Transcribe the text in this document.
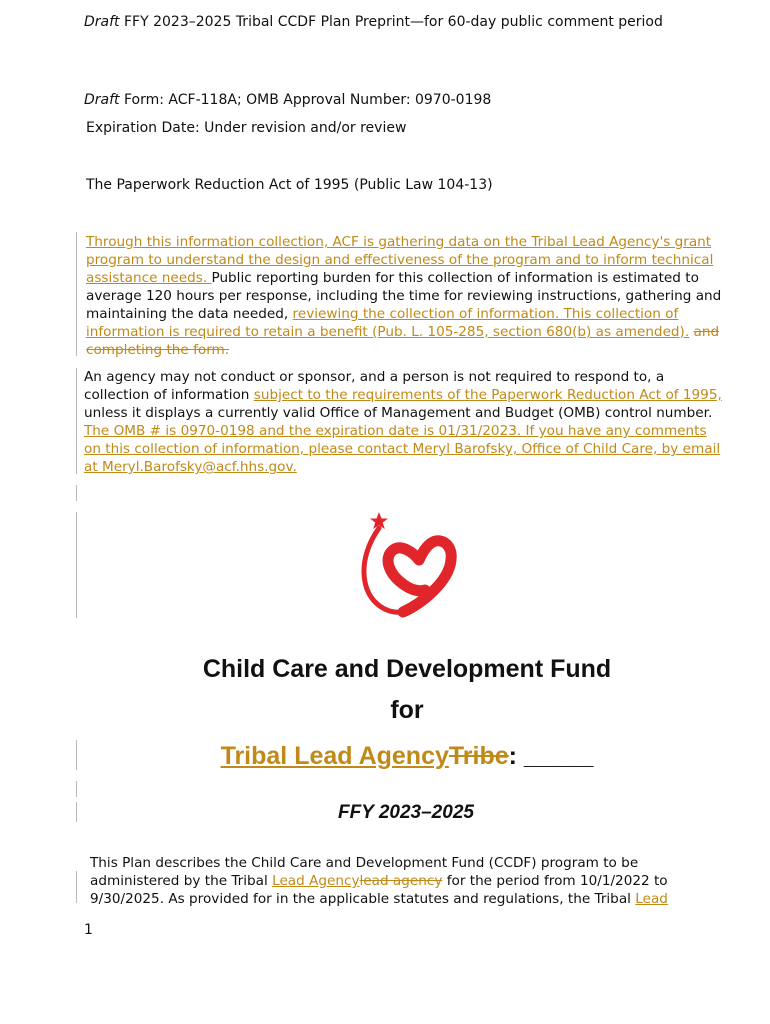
Draft FFY 2023–2025 Tribal CCDF Plan Preprint—for 60-day public comment period
Draft Form: ACF-118A; OMB Approval Number: 0970-0198
Expiration Date: Under revision and/or review
The Paperwork Reduction Act of 1995 (Public Law 104-13)
Through this information collection, ACF is gathering data on the Tribal Lead Agency's grant program to understand the design and effectiveness of the program and to inform technical assistance needs. Public reporting burden for this collection of information is estimated to average 120 hours per response, including the time for reviewing instructions, gathering and maintaining the data needed, reviewing the collection of information. This collection of information is required to retain a benefit (Pub. L. 105-285, section 680(b) as amended). and completing the form.
An agency may not conduct or sponsor, and a person is not required to respond to, a collection of information subject to the requirements of the Paperwork Reduction Act of 1995, unless it displays a currently valid Office of Management and Budget (OMB) control number. The OMB # is 0970-0198 and the expiration date is 01/31/2023. If you have any comments on this collection of information, please contact Meryl Barofsky, Office of Child Care, by email at Meryl.Barofsky@acf.hhs.gov.
Child Care and Development Fund
for
Tribal Lead AgencyTribe: _____
FFY 2023–2025
This Plan describes the Child Care and Development Fund (CCDF) program to be administered by the Tribal Lead Agencylead agency for the period from 10/1/2022 to 9/30/2025. As provided for in the applicable statutes and regulations, the Tribal Lead
1
